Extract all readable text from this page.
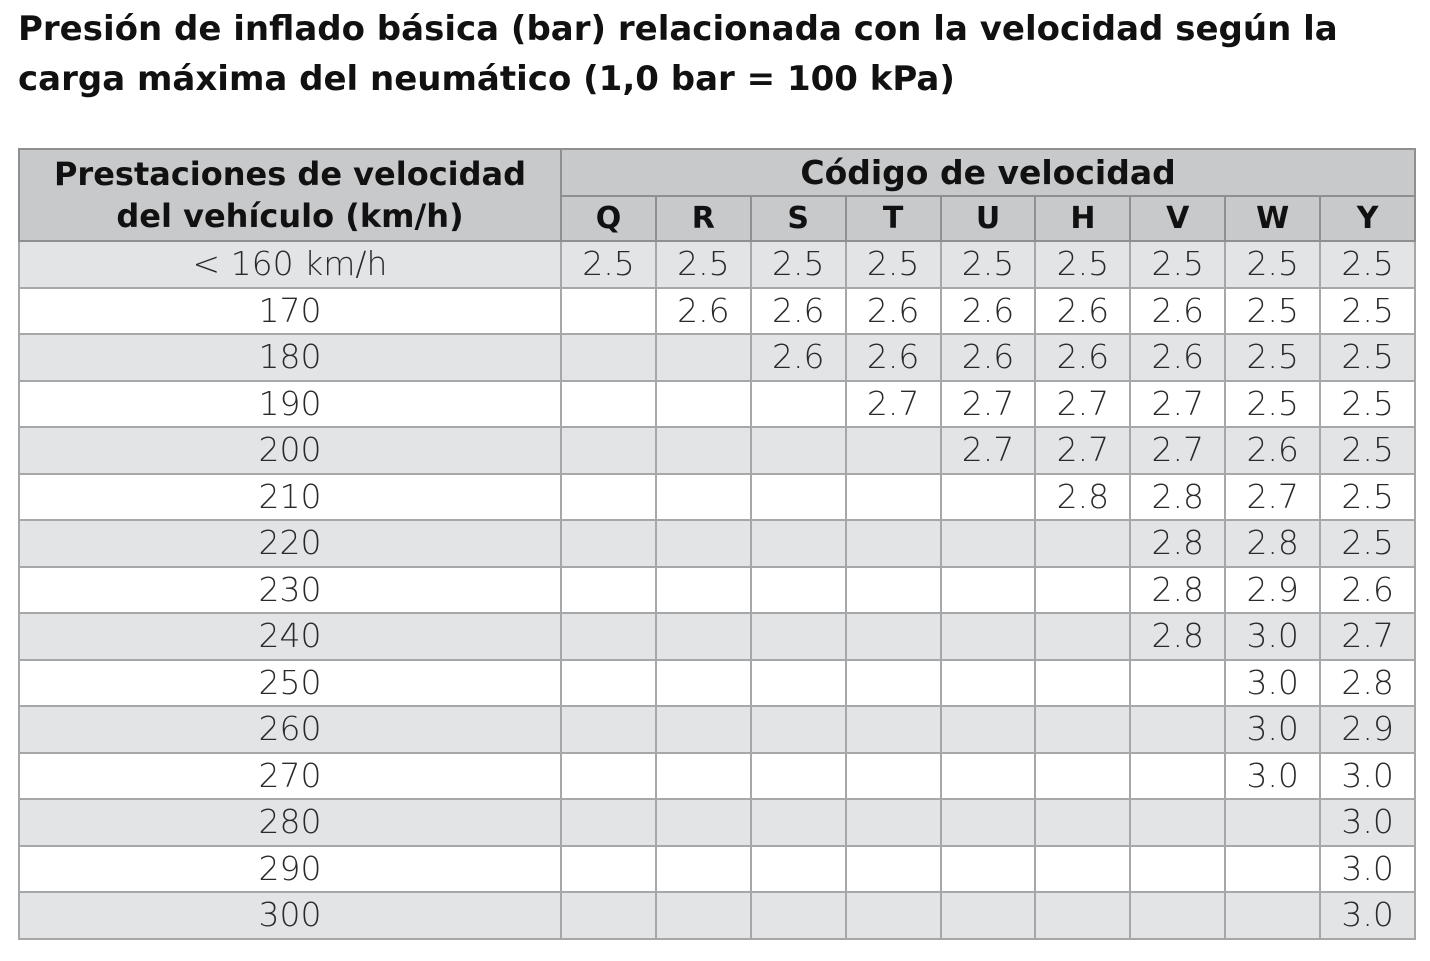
Presión de inflado básica (bar) relacionada con la velocidad según la carga máxima del neumático (1,0 bar = 100 kPa)
Prestaciones de velocidad
del vehículo (km/h)	Código de velocidad								
	Q	R	S	T	U	H	V	W	Y
< 160 km/h	2.5	2.5	2.5	2.5	2.5	2.5	2.5	2.5	2.5
170		2.6	2.6	2.6	2.6	2.6	2.6	2.5	2.5
180			2.6	2.6	2.6	2.6	2.6	2.5	2.5
190				2.7	2.7	2.7	2.7	2.5	2.5
200					2.7	2.7	2.7	2.6	2.5
210						2.8	2.8	2.7	2.5
220							2.8	2.8	2.5
230							2.8	2.9	2.6
240							2.8	3.0	2.7
250								3.0	2.8
260								3.0	2.9
270								3.0	3.0
280									3.0
290									3.0
300									3.0
